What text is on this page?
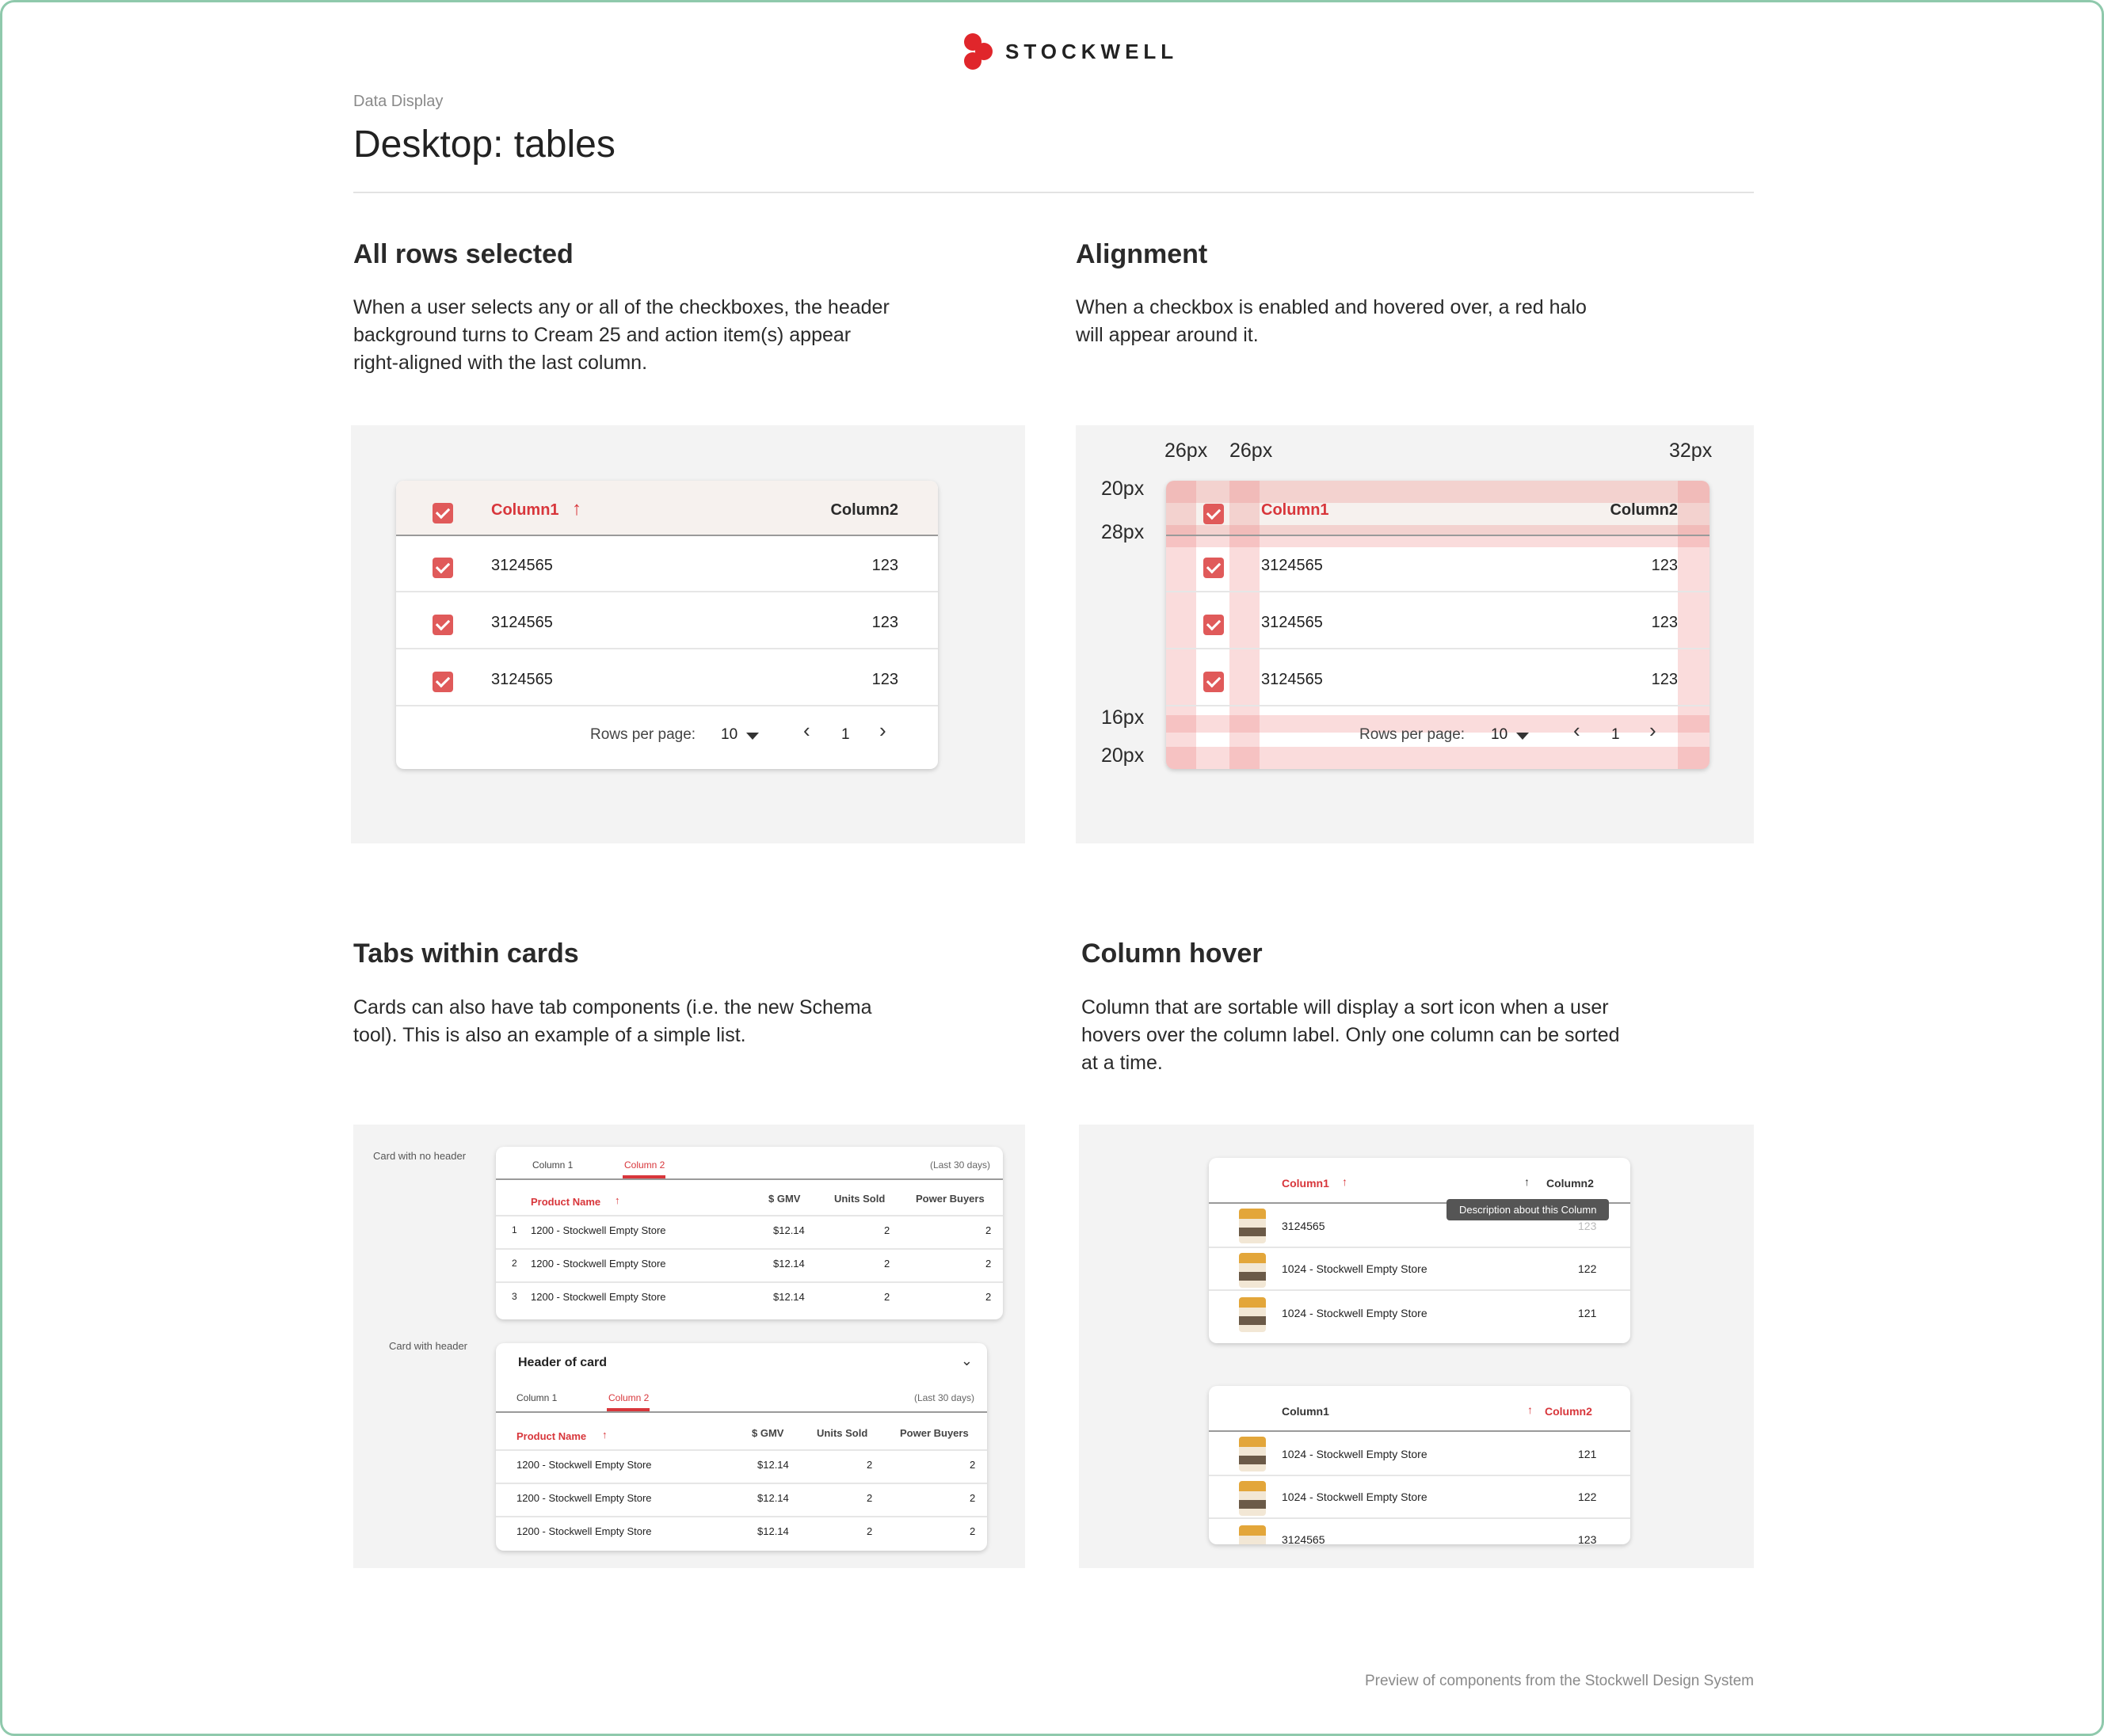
STOCKWELL
Data Display
Desktop: tables
All rows selected
When a user selects any or all of the checkboxes, the header background turns to Cream 25 and action item(s) appear right-aligned with the last column.
Column1 ↑	Column2
3124565	123
3124565	123
3124565	123
Rows per page: 10	‹ 1 ›
Alignment
When a checkbox is enabled and hovered over, a red halo will appear around it.
26px 26px	32px
20px
28px
16px
20px
Column1	Column2
3124565	123
3124565	123
3124565	123
Rows per page: 10	‹ 1 ›
Tabs within cards
Cards can also have tab components (i.e. the new Schema tool). This is also an example of a simple list.
Card with no header
Column 1	Column 2	(Last 30 days)
Product Name ↑	$ GMV	Units Sold	Power Buyers
1 1200 - Stockwell Empty Store	$12.14	2	2
2 1200 - Stockwell Empty Store	$12.14	2	2
3 1200 - Stockwell Empty Store	$12.14	2	2
Card with header
Header of card	⌄
Column 1	Column 2	(Last 30 days)
Product Name ↑	$ GMV	Units Sold	Power Buyers
1200 - Stockwell Empty Store	$12.14	2	2
1200 - Stockwell Empty Store	$12.14	2	2
1200 - Stockwell Empty Store	$12.14	2	2
Column hover
Column that are sortable will display a sort icon when a user hovers over the column label. Only one column can be sorted at a time.
Column1 ↑	↑ Column2
Description about this Column
3124565	123
1024 - Stockwell Empty Store	122
1024 - Stockwell Empty Store	121
Column1	↑ Column2
1024 - Stockwell Empty Store	121
1024 - Stockwell Empty Store	122
3124565	123
Preview of components from the Stockwell Design System
